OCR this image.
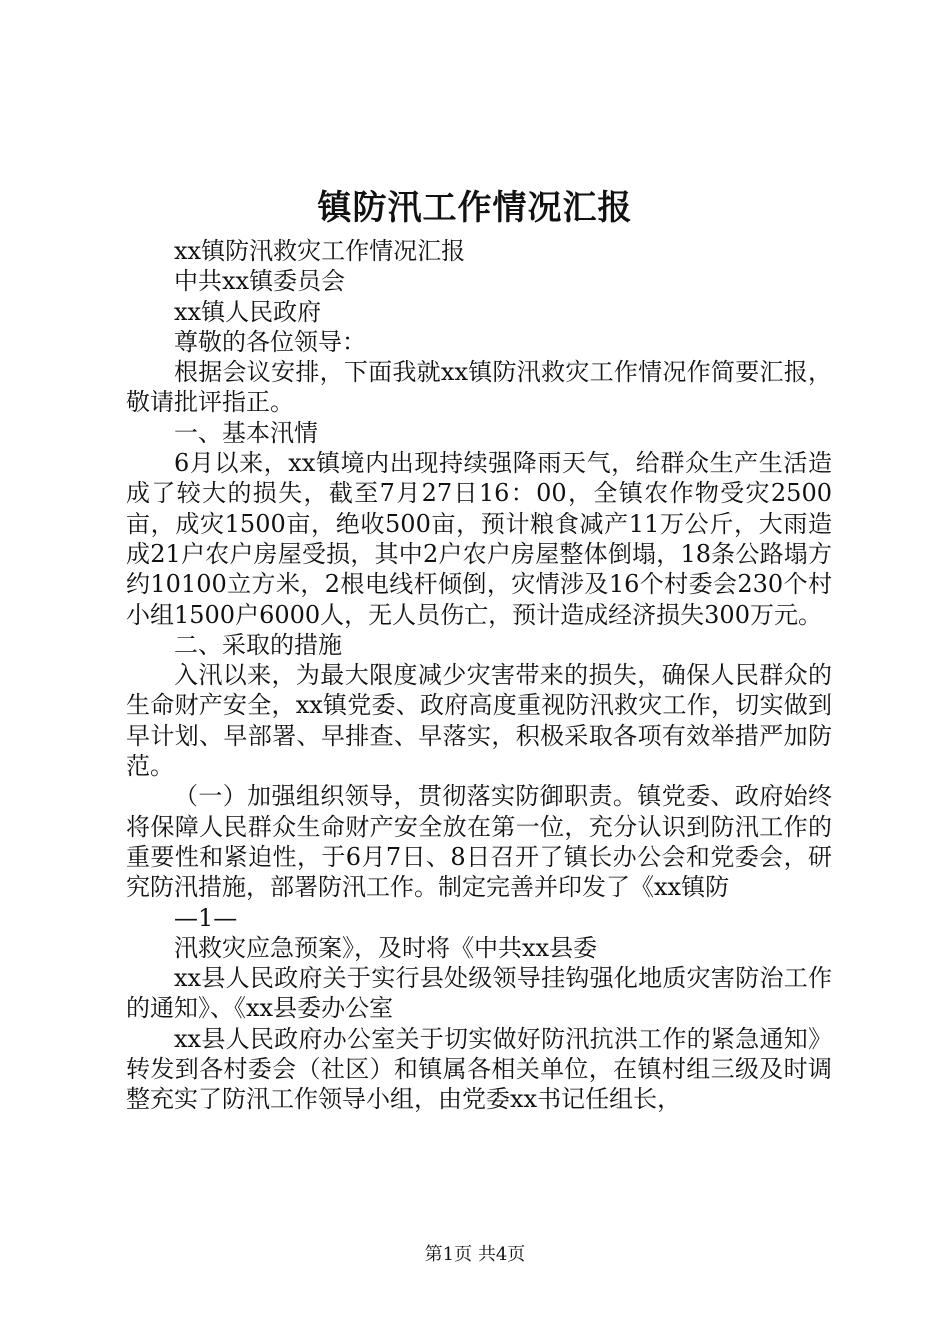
镇防汛工作情况汇报

xx镇防汛救灾工作情况汇报

中共xx镇委员会

xx镇人民政府

尊敬的各位领导：

根据会议安排，下面我就xx镇防汛救灾工作情况作简要汇报，敬请批评指正。

一、基本汛情

6月以来，xx镇境内出现持续强降雨天气，给群众生产生活造成了较大的损失，截至7月27日16：00，全镇农作物受灾2500亩，成灾1500亩，绝收500亩，预计粮食减产11万公斤，大雨造成21户农户房屋受损，其中2户农户房屋整体倒塌，18条公路塌方约10100立方米，2根电线杆倾倒，灾情涉及16个村委会230个村小组1500户6000人，无人员伤亡，预计造成经济损失300万元。

二、采取的措施

入汛以来，为最大限度减少灾害带来的损失，确保人民群众的生命财产安全，xx镇党委、政府高度重视防汛救灾工作，切实做到早计划、早部署、早排查、早落实，积极采取各项有效举措严加防范。

（一）加强组织领导，贯彻落实防御职责。镇党委、政府始终将保障人民群众生命财产安全放在第一位，充分认识到防汛工作的重要性和紧迫性，于6月7日、8日召开了镇长办公会和党委会，研究防汛措施，部署防汛工作。制定完善并印发了《xx镇防

—1—

汛救灾应急预案》，及时将《中共xx县委

xx县人民政府关于实行县处级领导挂钩强化地质灾害防治工作的通知》、《xx县委办公室

xx县人民政府办公室关于切实做好防汛抗洪工作的紧急通知》转发到各村委会（社区）和镇属各相关单位，在镇村组三级及时调整充实了防汛工作领导小组，由党委xx书记任组长，

第1页 共4页
